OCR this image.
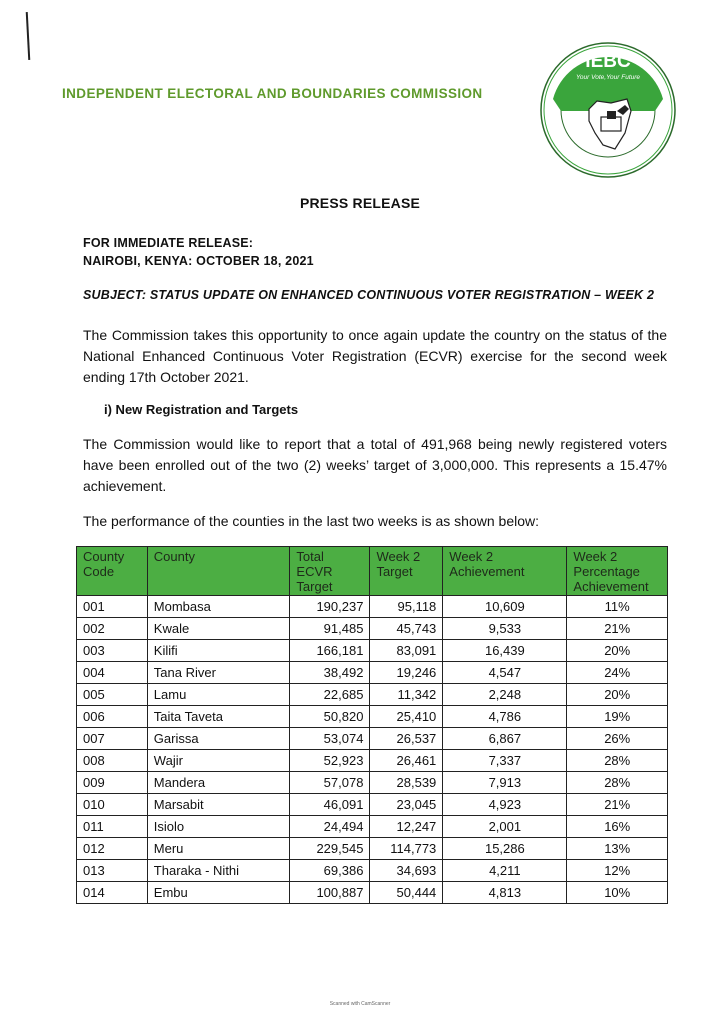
INDEPENDENT ELECTORAL AND BOUNDARIES COMMISSION
IEBC
Your Vote,Your Future
PRESS RELEASE
FOR IMMEDIATE RELEASE:
NAIROBI, KENYA: OCTOBER 18, 2021
SUBJECT: STATUS UPDATE ON ENHANCED CONTINUOUS VOTER REGISTRATION – WEEK 2
The Commission takes this opportunity to once again update the country on the status of the National Enhanced Continuous Voter Registration (ECVR) exercise for the second week ending 17th October 2021.
i) New Registration and Targets
The Commission would like to report that a total of 491,968 being newly registered voters have been enrolled out of the two (2) weeks’ target of 3,000,000. This represents a 15.47% achievement.
The performance of the counties in the last two weeks is as shown below:
County Code	County	Total ECVR Target	Week 2 Target	Week 2 Achievement	Week 2 Percentage Achievement
001	Mombasa	190,237	95,118	10,609	11%
002	Kwale	91,485	45,743	9,533	21%
003	Kilifi	166,181	83,091	16,439	20%
004	Tana River	38,492	19,246	4,547	24%
005	Lamu	22,685	11,342	2,248	20%
006	Taita Taveta	50,820	25,410	4,786	19%
007	Garissa	53,074	26,537	6,867	26%
008	Wajir	52,923	26,461	7,337	28%
009	Mandera	57,078	28,539	7,913	28%
010	Marsabit	46,091	23,045	4,923	21%
011	Isiolo	24,494	12,247	2,001	16%
012	Meru	229,545	114,773	15,286	13%
013	Tharaka - Nithi	69,386	34,693	4,211	12%
014	Embu	100,887	50,444	4,813	10%
Scanned with CamScanner
